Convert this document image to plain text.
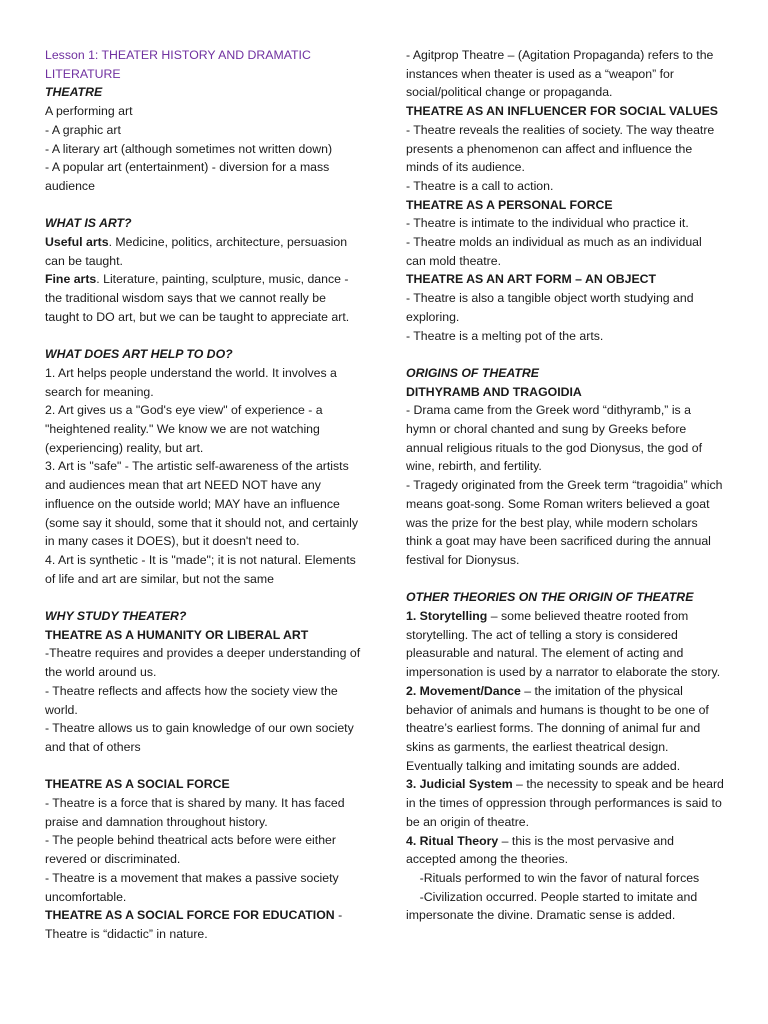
Lesson 1: THEATER HISTORY AND DRAMATIC LITERATURE

THEATRE

A performing art

- A graphic art

- A literary art (although sometimes not written down)

- A popular art (entertainment) - diversion for a mass audience

WHAT IS ART?

Useful arts. Medicine, politics, architecture, persuasion can be taught.

Fine arts. Literature, painting, sculpture, music, dance - the traditional wisdom says that we cannot really be taught to DO art, but we can be taught to appreciate art.

WHAT DOES ART HELP TO DO?

1. Art helps people understand the world. It involves a search for meaning.

2. Art gives us a "God's eye view" of experience - a "heightened reality." We know we are not watching (experiencing) reality, but art.

3. Art is "safe" - The artistic self-awareness of the artists and audiences mean that art NEED NOT have any influence on the outside world; MAY have an influence (some say it should, some that it should not, and certainly in many cases it DOES), but it doesn't need to.

4. Art is synthetic - It is "made"; it is not natural. Elements of life and art are similar, but not the same

WHY STUDY THEATER?

THEATRE AS A HUMANITY OR LIBERAL ART

-Theatre requires and provides a deeper understanding of the world around us.

- Theatre reflects and affects how the society view the world.

- Theatre allows us to gain knowledge of our own society and that of others

THEATRE AS A SOCIAL FORCE

- Theatre is a force that is shared by many. It has faced praise and damnation throughout history.

- The people behind theatrical acts before were either revered or discriminated.

- Theatre is a movement that makes a passive society uncomfortable.

THEATRE AS A SOCIAL FORCE FOR EDUCATION - Theatre is “didactic” in nature.

- Agitprop Theatre – (Agitation Propaganda) refers to the instances when theater is used as a “weapon” for social/political change or propaganda.

THEATRE AS AN INFLUENCER FOR SOCIAL VALUES

- Theatre reveals the realities of society. The way theatre presents a phenomenon can affect and influence the minds of its audience.

- Theatre is a call to action.

THEATRE AS A PERSONAL FORCE

- Theatre is intimate to the individual who practice it.

- Theatre molds an individual as much as an individual can mold theatre.

THEATRE AS AN ART FORM – AN OBJECT

- Theatre is also a tangible object worth studying and exploring.

- Theatre is a melting pot of the arts.

ORIGINS OF THEATRE

DITHYRAMB AND TRAGOIDIA

- Drama came from the Greek word “dithyramb,” is a hymn or choral chanted and sung by Greeks before annual religious rituals to the god Dionysus, the god of wine, rebirth, and fertility.

- Tragedy originated from the Greek term “tragoidia” which means goat-song. Some Roman writers believed a goat was the prize for the best play, while modern scholars think a goat may have been sacrificed during the annual festival for Dionysus.

OTHER THEORIES ON THE ORIGIN OF THEATRE

1. Storytelling – some believed theatre rooted from storytelling. The act of telling a story is considered pleasurable and natural. The element of acting and impersonation is used by a narrator to elaborate the story.

2. Movement/Dance – the imitation of the physical behavior of animals and humans is thought to be one of theatre’s earliest forms. The donning of animal fur and skins as garments, the earliest theatrical design. Eventually talking and imitating sounds are added.

3. Judicial System – the necessity to speak and be heard in the times of oppression through performances is said to be an origin of theatre.

4. Ritual Theory – this is the most pervasive and accepted among the theories.

-Rituals performed to win the favor of natural forces

-Civilization occurred. People started to imitate and impersonate the divine. Dramatic sense is added.
